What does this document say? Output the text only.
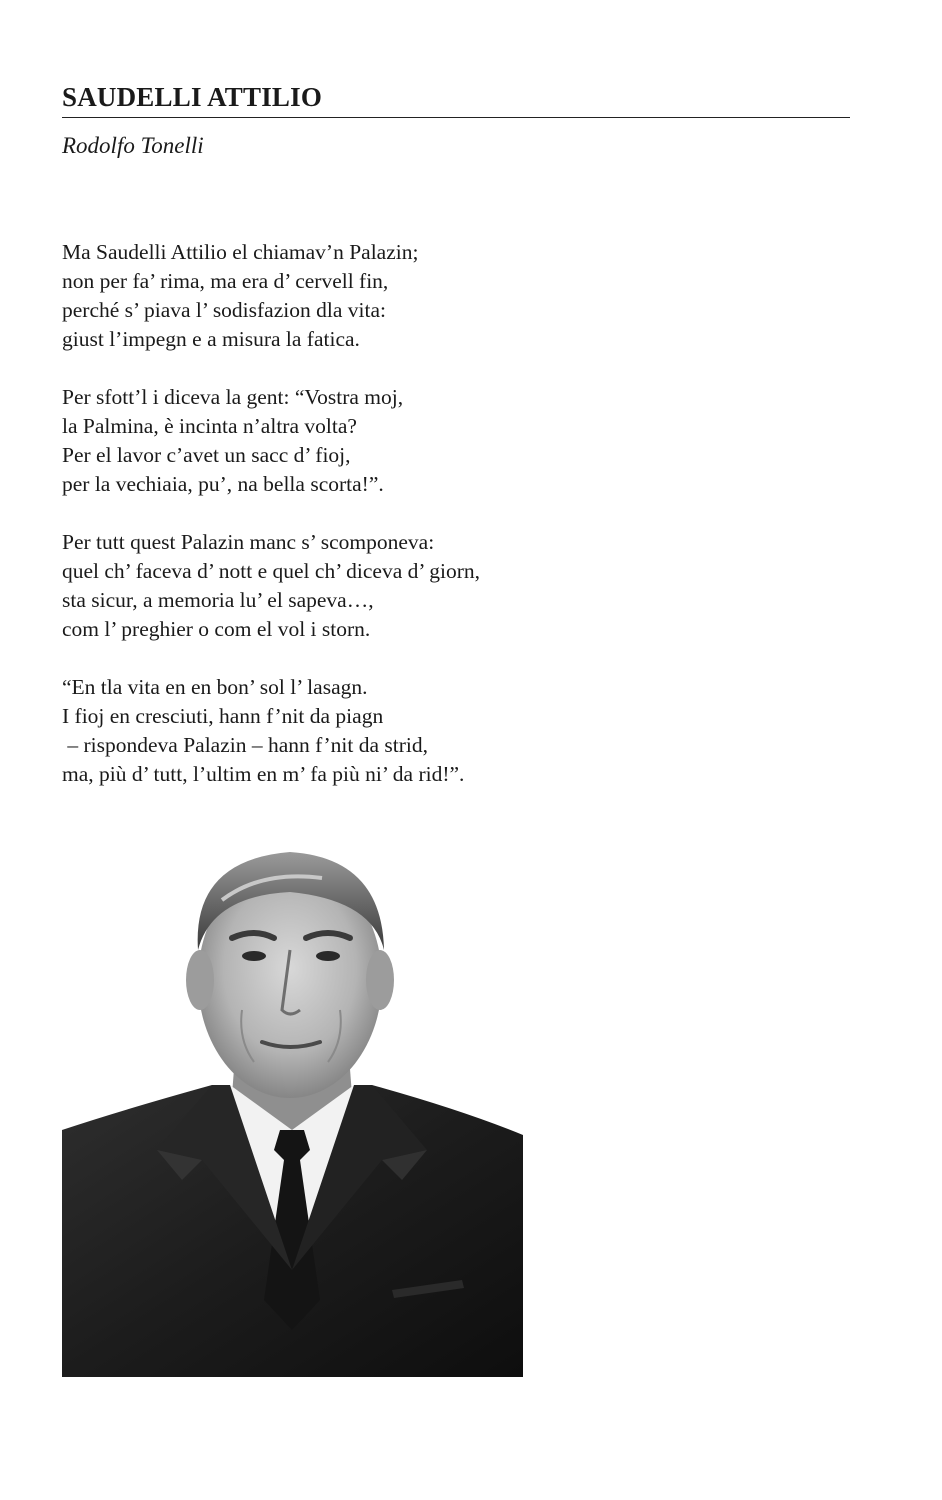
SAUDELLI ATTILIO
Rodolfo Tonelli
Ma Saudelli Attilio el chiamav’n Palazin;
non per fa’ rima, ma era d’ cervell fin,
perché s’ piava l’ sodisfazion dla vita:
giust l’impegn e a misura la fatica.
Per sfott’l i diceva la gent: “Vostra moj,
la Palmina, è incinta n’altra volta?
Per el lavor c’avet un sacc d’ fioj,
per la vechiaia, pu’, na bella scorta!”.
Per tutt quest Palazin manc s’ scomponeva:
quel ch’ faceva d’ nott e quel ch’ diceva d’ giorn,
sta sicur, a memoria lu’ el sapeva…,
com l’ preghier o com el vol i storn.
“En tla vita en en bon’ sol l’ lasagn.
I fioj en cresciuti, hann f’nit da piagn
– rispondeva Palazin – hann f’nit da strid,
ma, più d’ tutt, l’ultim en m’ fa più ni’ da rid!”.
